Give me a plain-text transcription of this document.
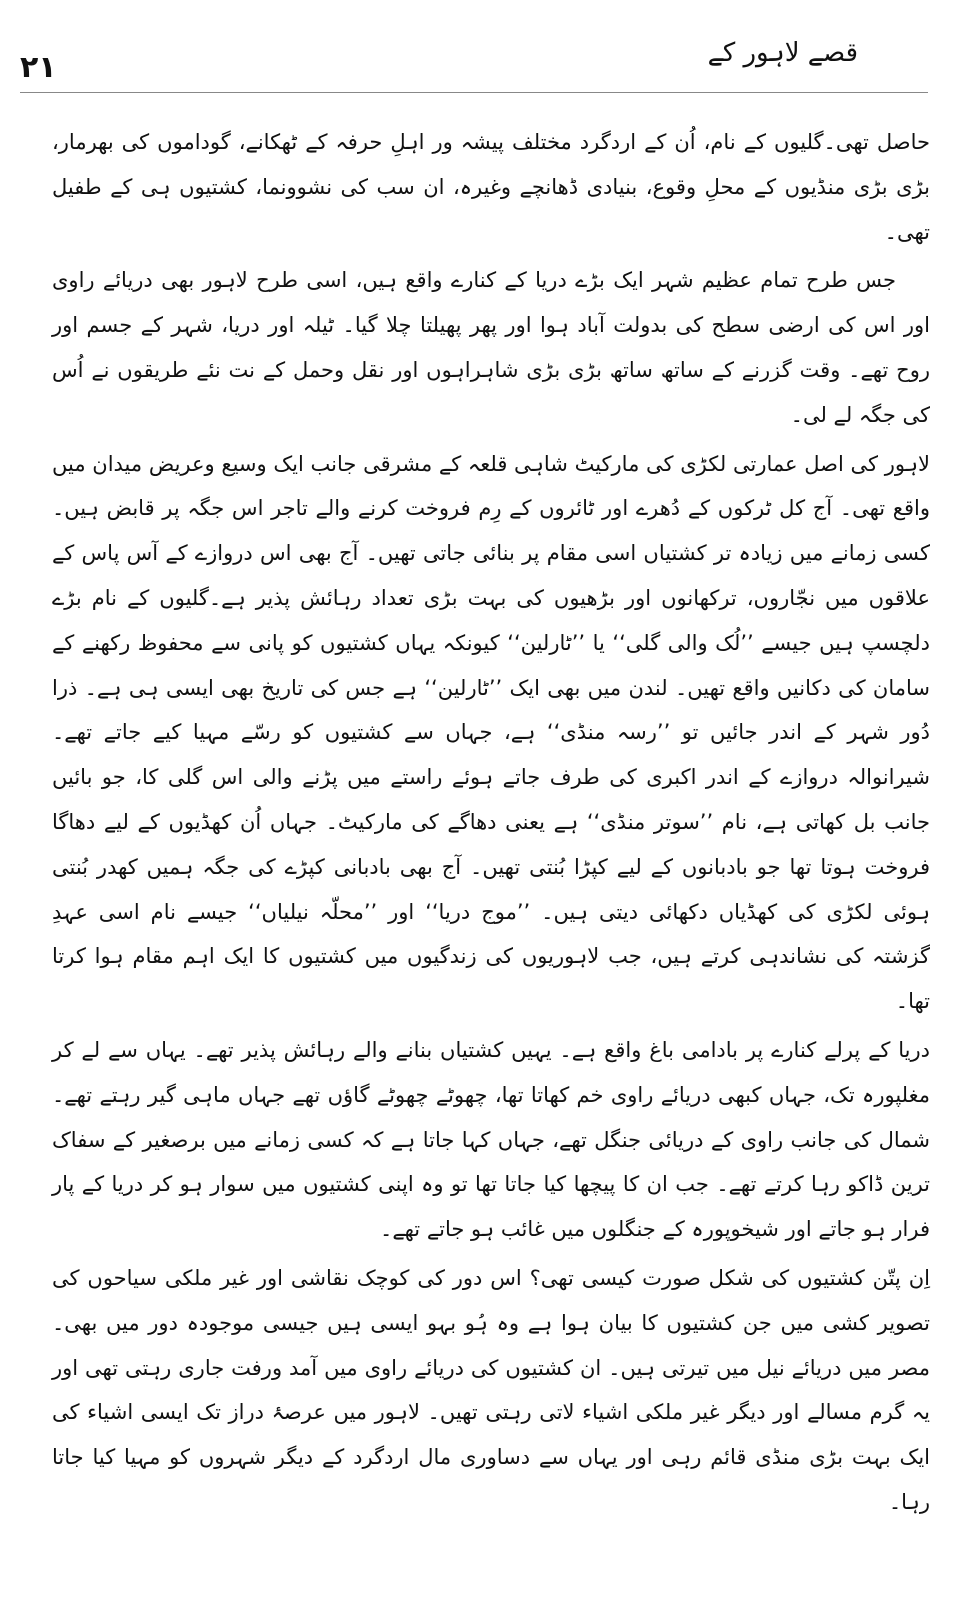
۲۱	قصے لاہور کے

حاصل تھی۔گلیوں کے نام، اُن کے اردگرد مختلف پیشہ ور اہلِ حرفہ کے ٹھکانے، گوداموں کی بھرمار، بڑی بڑی منڈیوں کے محلِ وقوع، بنیادی ڈھانچے وغیرہ، ان سب کی نشوونما، کشتیوں ہی کے طفیل تھی۔

جس طرح تمام عظیم شہر ایک بڑے دریا کے کنارے واقع ہیں، اسی طرح لاہور بھی دریائے راوی اور اس کی ارضی سطح کی بدولت آباد ہوا اور پھر پھیلتا چلا گیا۔ ٹیلہ اور دریا، شہر کے جسم اور روح تھے۔ وقت گزرنے کے ساتھ ساتھ بڑی بڑی شاہراہوں اور نقل وحمل کے نت نئے طریقوں نے اُس کی جگہ لے لی۔

لاہور کی اصل عمارتی لکڑی کی مارکیٹ شاہی قلعہ کے مشرقی جانب ایک وسیع وعریض میدان میں واقع تھی۔ آج کل ٹرکوں کے دُھرے اور ٹائروں کے رِم فروخت کرنے والے تاجر اس جگہ پر قابض ہیں۔ کسی زمانے میں زیادہ تر کشتیاں اسی مقام پر بنائی جاتی تھیں۔ آج بھی اس دروازے کے آس پاس کے علاقوں میں نجّاروں، ترکھانوں اور بڑھیوں کی بہت بڑی تعداد رہائش پذیر ہے۔گلیوں کے نام بڑے دلچسپ ہیں جیسے ’’لُک والی گلی‘‘ یا ’’ٹارلین‘‘ کیونکہ یہاں کشتیوں کو پانی سے محفوظ رکھنے کے سامان کی دکانیں واقع تھیں۔ لندن میں بھی ایک ’’ٹارلین‘‘ ہے جس کی تاریخ بھی ایسی ہی ہے۔ ذرا دُور شہر کے اندر جائیں تو ’’رسہ منڈی‘‘ ہے، جہاں سے کشتیوں کو رسّے مہیا کیے جاتے تھے۔ شیرانوالہ دروازے کے اندر اکبری کی طرف جاتے ہوئے راستے میں پڑنے والی اس گلی کا، جو بائیں جانب بل کھاتی ہے، نام ’’سوتر منڈی‘‘ ہے یعنی دھاگے کی مارکیٹ۔ جہاں اُن کھڈیوں کے لیے دھاگا فروخت ہوتا تھا جو بادبانوں کے لیے کپڑا بُنتی تھیں۔ آج بھی بادبانی کپڑے کی جگہ ہمیں کھدر بُنتی ہوئی لکڑی کی کھڈیاں دکھائی دیتی ہیں۔ ’’موج دریا‘‘ اور ’’محلّہ نیلیاں‘‘ جیسے نام اسی عہدِ گزشتہ کی نشاندہی کرتے ہیں، جب لاہوریوں کی زندگیوں میں کشتیوں کا ایک اہم مقام ہوا کرتا تھا۔

دریا کے پرلے کنارے پر بادامی باغ واقع ہے۔ یہیں کشتیاں بنانے والے رہائش پذیر تھے۔ یہاں سے لے کر مغلپورہ تک، جہاں کبھی دریائے راوی خم کھاتا تھا، چھوٹے چھوٹے گاؤں تھے جہاں ماہی گیر رہتے تھے۔ شمال کی جانب راوی کے دریائی جنگل تھے، جہاں کہا جاتا ہے کہ کسی زمانے میں برصغیر کے سفاک ترین ڈاکو رہا کرتے تھے۔ جب ان کا پیچھا کیا جاتا تھا تو وہ اپنی کشتیوں میں سوار ہو کر دریا کے پار فرار ہو جاتے اور شیخوپورہ کے جنگلوں میں غائب ہو جاتے تھے۔

اِن پتّن کشتیوں کی شکل صورت کیسی تھی؟ اس دور کی کوچک نقاشی اور غیر ملکی سیاحوں کی تصویر کشی میں جن کشتیوں کا بیان ہوا ہے وہ ہُو بہو ایسی ہیں جیسی موجودہ دور میں بھی۔ مصر میں دریائے نیل میں تیرتی ہیں۔ ان کشتیوں کی دریائے راوی میں آمد ورفت جاری رہتی تھی اور یہ گرم مسالے اور دیگر غیر ملکی اشیاء لاتی رہتی تھیں۔ لاہور میں عرصۂ دراز تک ایسی اشیاء کی ایک بہت بڑی منڈی قائم رہی اور یہاں سے دساوری مال اردگرد کے دیگر شہروں کو مہیا کیا جاتا رہا۔
